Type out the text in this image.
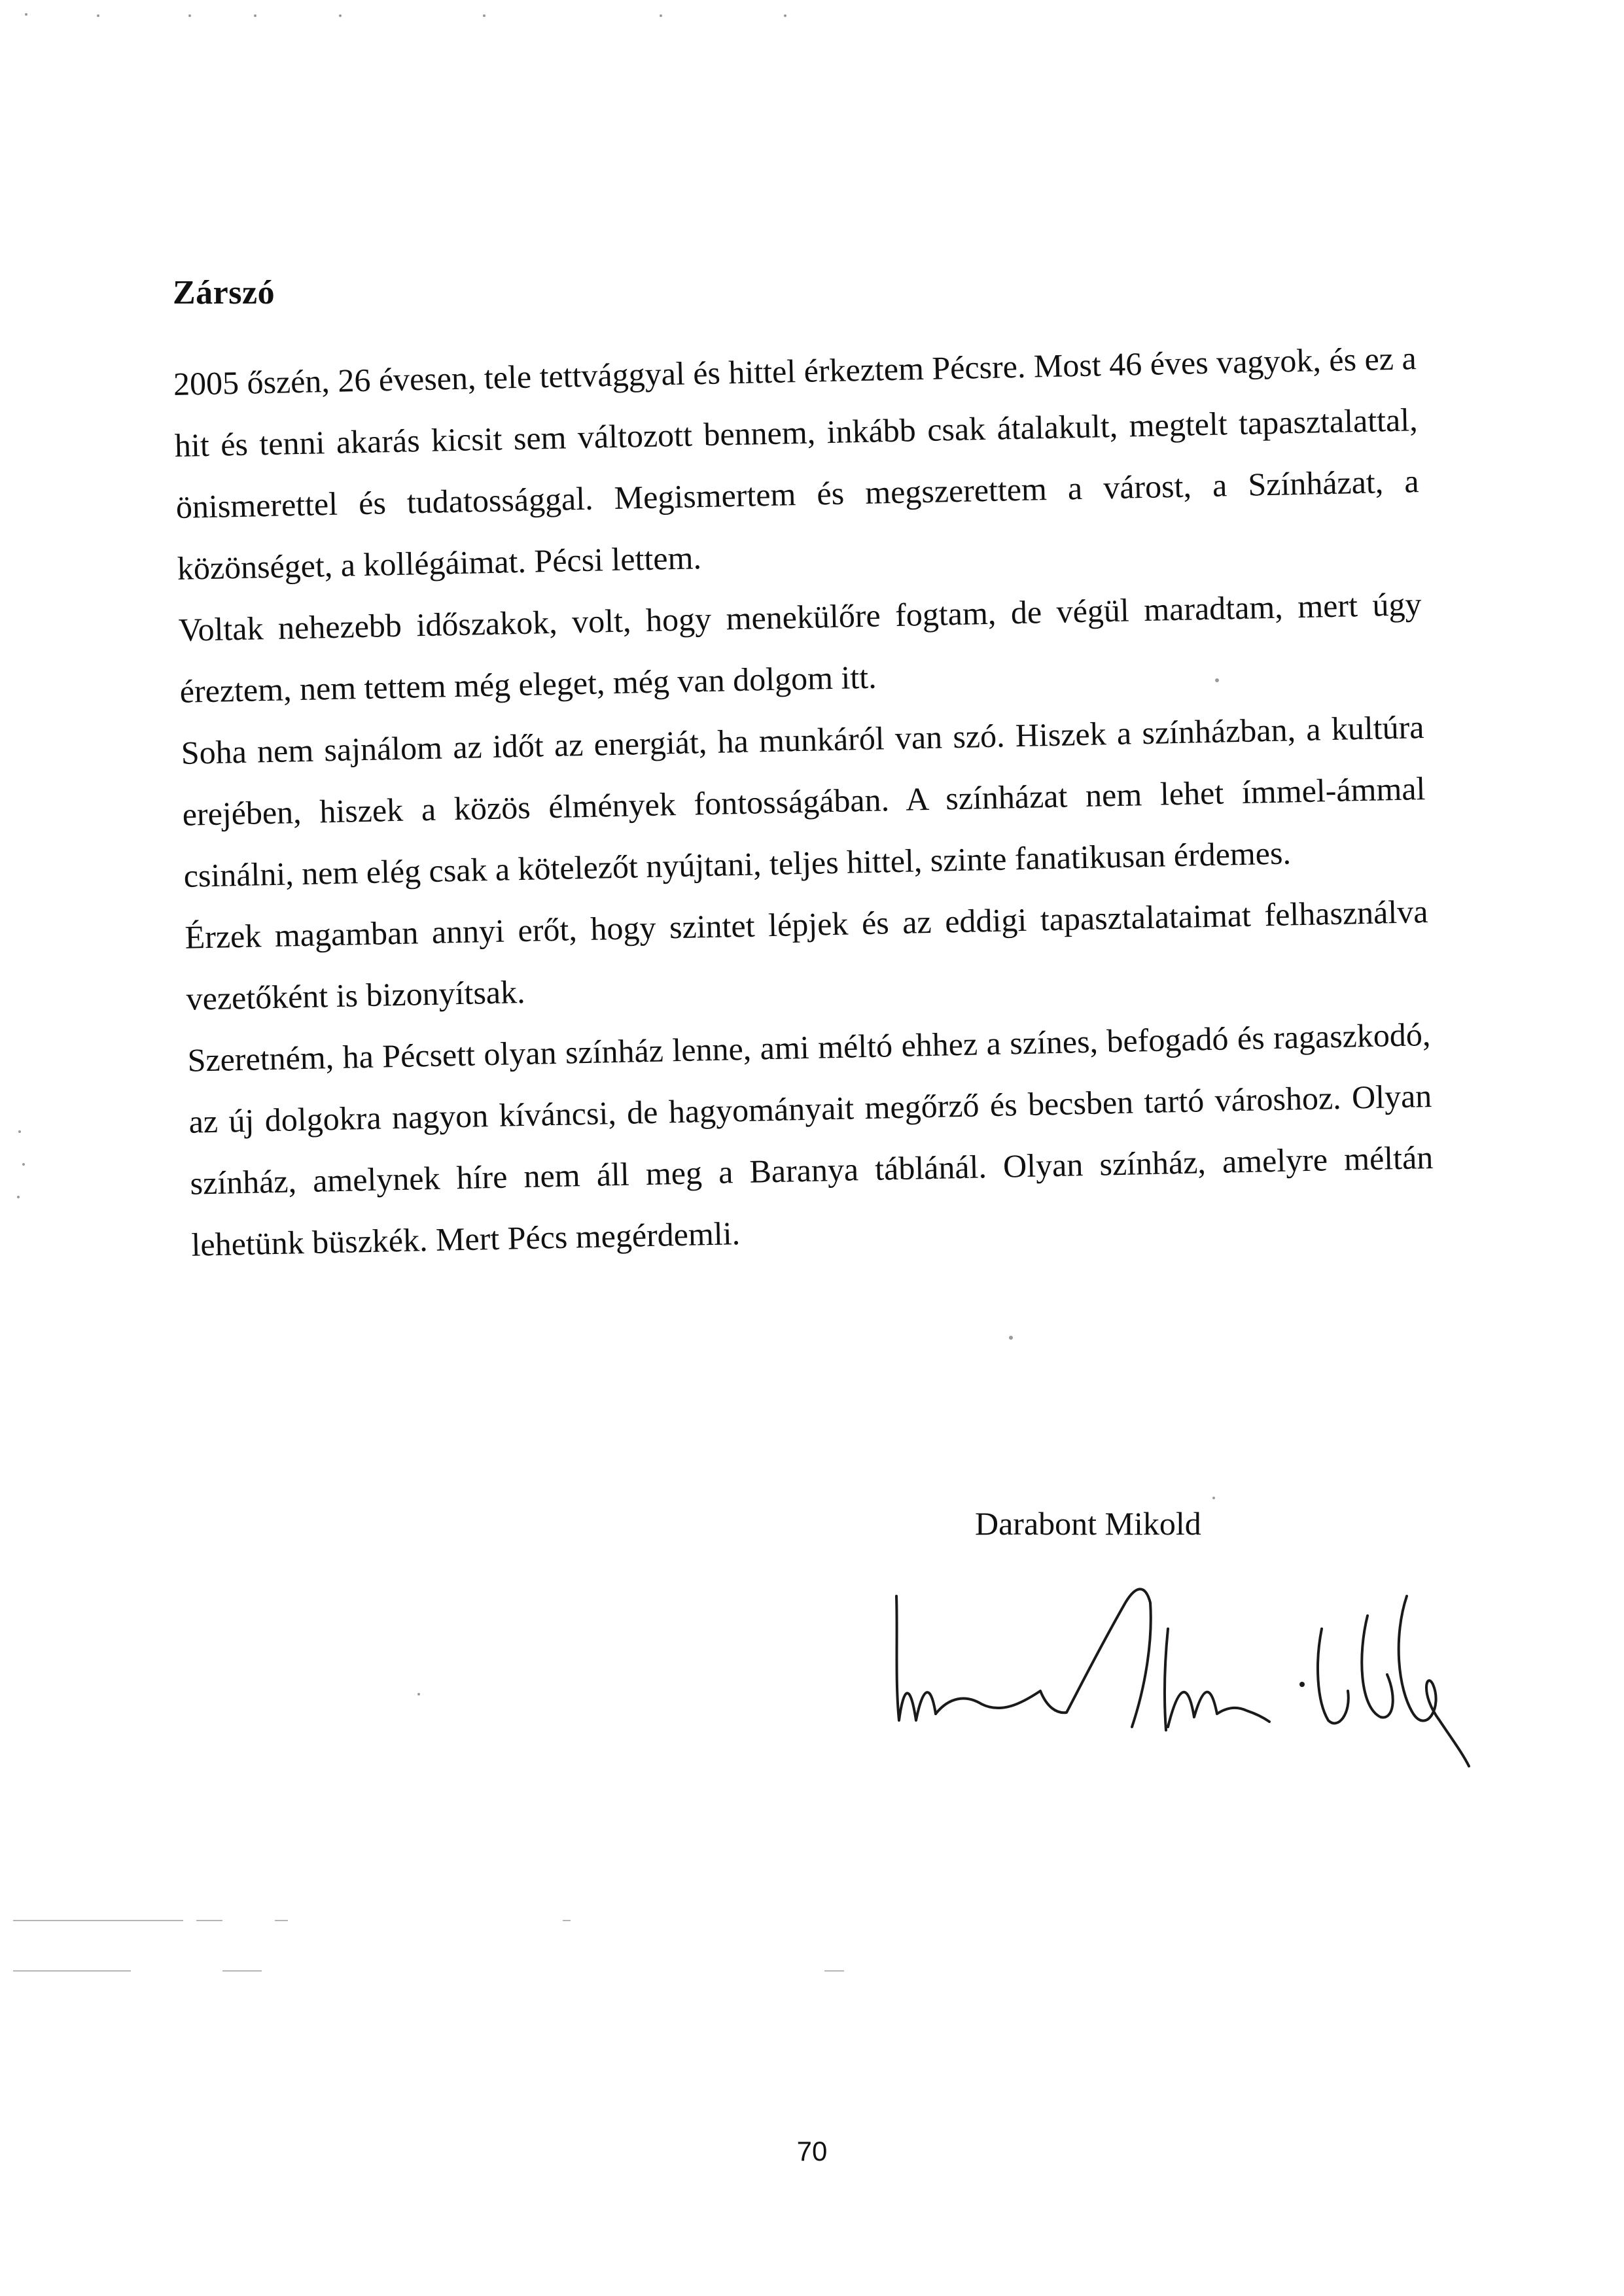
Zárszó

2005 őszén, 26 évesen, tele tettvággyal és hittel érkeztem Pécsre. Most 46 éves vagyok, és ez a hit és tenni akarás kicsit sem változott bennem, inkább csak átalakult, megtelt tapasztalattal, önismerettel és tudatossággal. Megismertem és megszerettem a várost, a Színházat, a közönséget, a kollégáimat. Pécsi lettem.

Voltak nehezebb időszakok, volt, hogy menekülőre fogtam, de végül maradtam, mert úgy éreztem, nem tettem még eleget, még van dolgom itt.

Soha nem sajnálom az időt az energiát, ha munkáról van szó. Hiszek a színházban, a kultúra erejében, hiszek a közös élmények fontosságában. A színházat nem lehet ímmel-ámmal csinálni, nem elég csak a kötelezőt nyújtani, teljes hittel, szinte fanatikusan érdemes.

Érzek magamban annyi erőt, hogy szintet lépjek és az eddigi tapasztalataimat felhasználva vezetőként is bizonyítsak.

Szeretném, ha Pécsett olyan színház lenne, ami méltó ehhez a színes, befogadó és ragaszkodó, az új dolgokra nagyon kíváncsi, de hagyományait megőrző és becsben tartó városhoz. Olyan színház, amelynek híre nem áll meg a Baranya táblánál. Olyan színház, amelyre méltán lehetünk büszkék. Mert Pécs megérdemli.

Darabont Mikold

70
